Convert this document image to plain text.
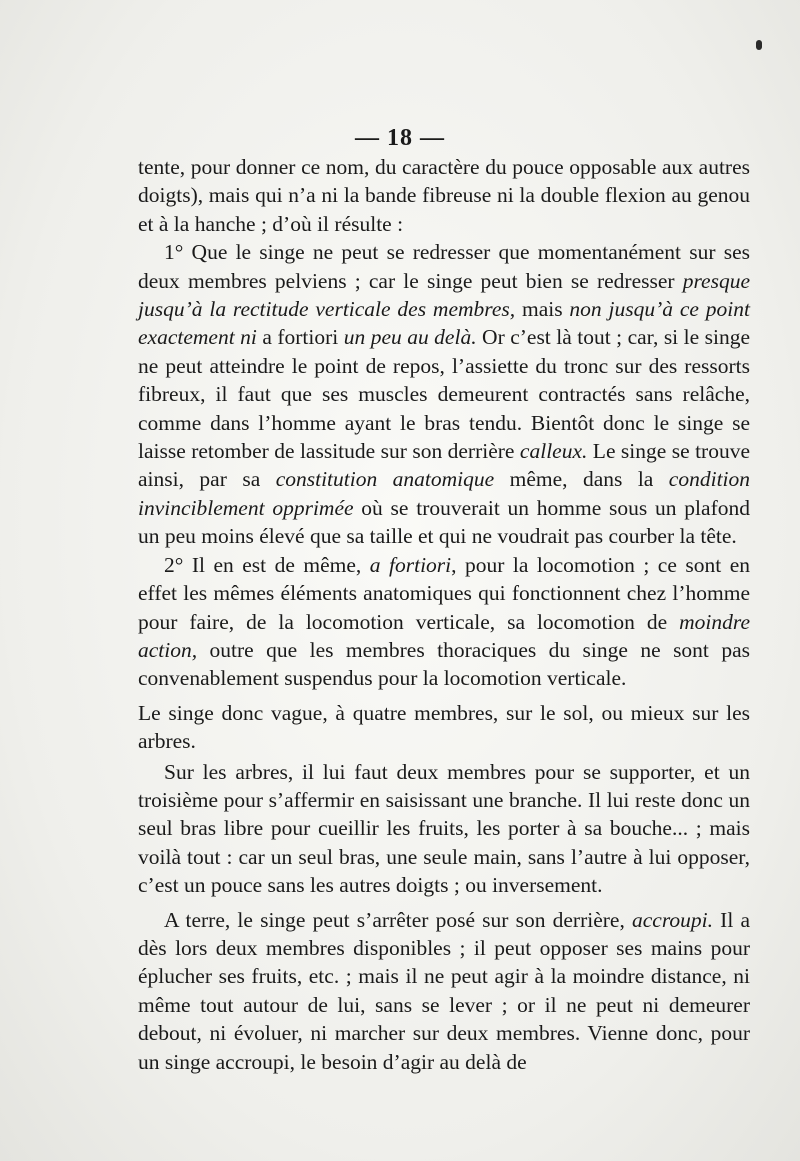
— 18 —

tente, pour donner ce nom, du caractère du pouce opposable aux autres doigts), mais qui n’a ni la bande fibreuse ni la double flexion au genou et à la hanche ; d’où il résulte :

1° Que le singe ne peut se redresser que momentanément sur ses deux membres pelviens ; car le singe peut bien se redresser presque jusqu’à la rectitude verticale des membres, mais non jusqu’à ce point exactement ni a fortiori un peu au delà. Or c’est là tout ; car, si le singe ne peut atteindre le point de repos, l’assiette du tronc sur des ressorts fibreux, il faut que ses muscles demeurent contractés sans relâche, comme dans l’homme ayant le bras tendu. Bientôt donc le singe se laisse retomber de lassitude sur son derrière calleux. Le singe se trouve ainsi, par sa constitution anatomique même, dans la condition invinciblement opprimée où se trouverait un homme sous un plafond un peu moins élevé que sa taille et qui ne voudrait pas courber la tête.

2° Il en est de même, a fortiori, pour la locomotion ; ce sont en effet les mêmes éléments anatomiques qui fonctionnent chez l’homme pour faire, de la locomotion verticale, sa locomotion de moindre action, outre que les membres thoraciques du singe ne sont pas convenablement suspendus pour la locomotion verticale.

Le singe donc vague, à quatre membres, sur le sol, ou mieux sur les arbres.

Sur les arbres, il lui faut deux membres pour se supporter, et un troisième pour s’affermir en saisissant une branche. Il lui reste donc un seul bras libre pour cueillir les fruits, les porter à sa bouche... ; mais voilà tout : car un seul bras, une seule main, sans l’autre à lui opposer, c’est un pouce sans les autres doigts ; ou inversement.

A terre, le singe peut s’arrêter posé sur son derrière, accroupi. Il a dès lors deux membres disponibles ; il peut opposer ses mains pour éplucher ses fruits, etc. ; mais il ne peut agir à la moindre distance, ni même tout autour de lui, sans se lever ; or il ne peut ni demeurer debout, ni évoluer, ni marcher sur deux membres. Vienne donc, pour un singe accroupi, le besoin d’agir au delà de
